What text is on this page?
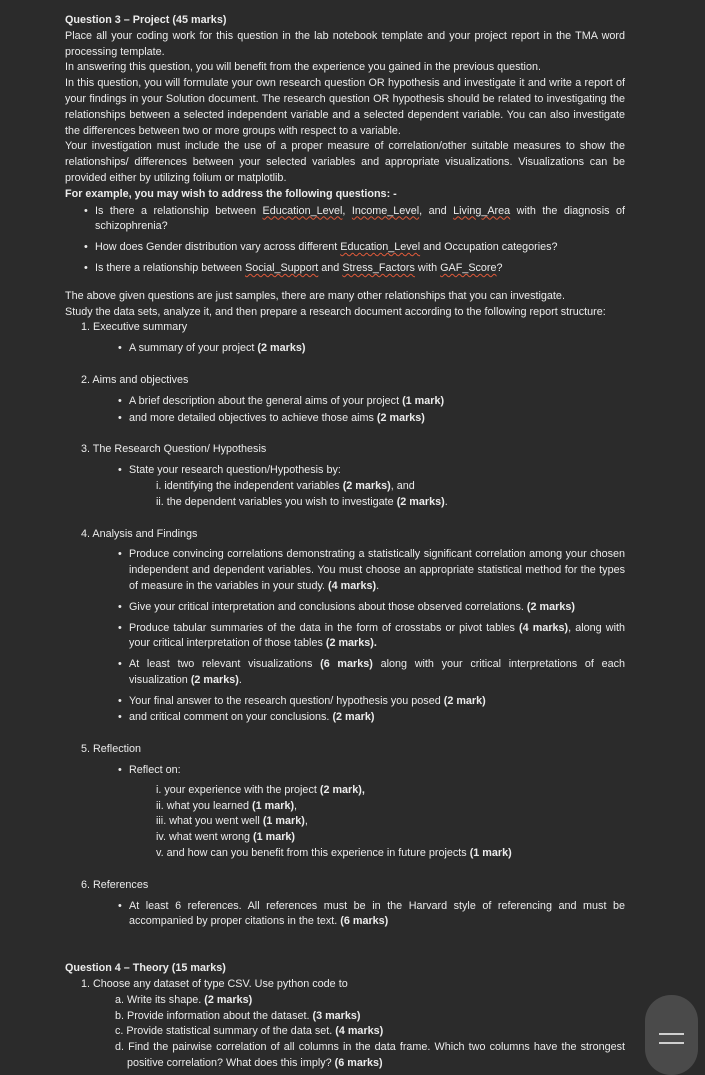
Question 3 – Project (45 marks)

Place all your coding work for this question in the lab notebook template and your project report in the TMA word processing template.

In answering this question, you will benefit from the experience you gained in the previous question.

In this question, you will formulate your own research question OR hypothesis and investigate it and write a report of your findings in your Solution document. The research question OR hypothesis should be related to investigating the relationships between a selected independent variable and a selected dependent variable. You can also investigate the differences between two or more groups with respect to a variable.

Your investigation must include the use of a proper measure of correlation/other suitable measures to show the relationships/ differences between your selected variables and appropriate visualizations. Visualizations can be provided either by utilizing folium or matplotlib.

For example, you may wish to address the following questions: -

• Is there a relationship between Education_Level, Income_Level, and Living_Area with the diagnosis of schizophrenia?
• How does Gender distribution vary across different Education_Level and Occupation categories?
• Is there a relationship between Social_Support and Stress_Factors with GAF_Score?

The above given questions are just samples, there are many other relationships that you can investigate.

Study the data sets, analyze it, and then prepare a research document according to the following report structure:

1. Executive summary

• A summary of your project (2 marks)

2. Aims and objectives

• A brief description about the general aims of your project (1 mark)
• and more detailed objectives to achieve those aims (2 marks)

3. The Research Question/ Hypothesis

• State your research question/Hypothesis by:

i. identifying the independent variables (2 marks), and

ii. the dependent variables you wish to investigate (2 marks).

4. Analysis and Findings

• Produce convincing correlations demonstrating a statistically significant correlation among your chosen independent and dependent variables. You must choose an appropriate statistical method for the types of measure in the variables in your study. (4 marks).
• Give your critical interpretation and conclusions about those observed correlations. (2 marks)
• Produce tabular summaries of the data in the form of crosstabs or pivot tables (4 marks), along with your critical interpretation of those tables (2 marks).
• At least two relevant visualizations (6 marks) along with your critical interpretations of each visualization (2 marks).
• Your final answer to the research question/ hypothesis you posed (2 mark)
• and critical comment on your conclusions. (2 mark)

5. Reflection

• Reflect on:

i. your experience with the project (2 mark),

ii. what you learned (1 mark),

iii. what you went well (1 mark),

iv. what went wrong (1 mark)

v. and how can you benefit from this experience in future projects (1 mark)

6. References

• At least 6 references. All references must be in the Harvard style of referencing and must be accompanied by proper citations in the text. (6 marks)

Question 4 – Theory (15 marks)

1. Choose any dataset of type CSV. Use python code to

a. Write its shape. (2 marks)

b. Provide information about the dataset. (3 marks)

c. Provide statistical summary of the data set. (4 marks)

d. Find the pairwise correlation of all columns in the data frame. Which two columns have the strongest positive correlation? What does this imply? (6 marks)
